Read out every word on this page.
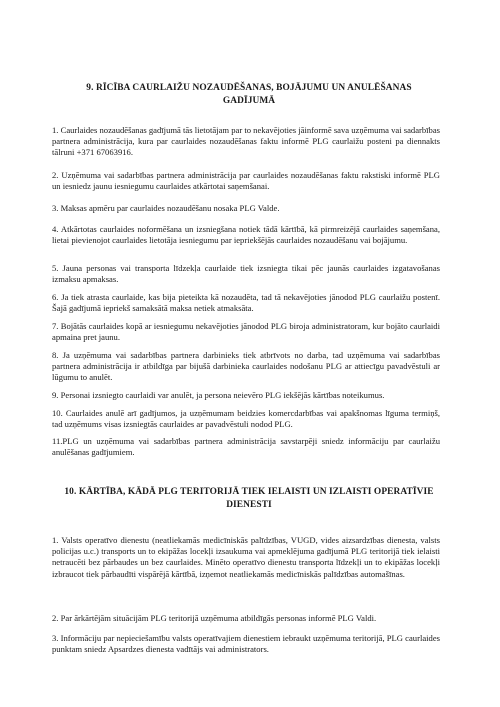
9. RĪCĪBA CAURLAIŽU NOZAUDĒŠANAS, BOJĀJUMU UN ANULĒŠANAS GADĪJUMĀ

1. Caurlaides nozaudēšanas gadījumā tās lietotājam par to nekavējoties jāinformē sava uzņēmuma vai sadarbības partnera administrācija, kura par caurlaides nozaudēšanas faktu informē PLG caurlaižu posteni pa diennakts tālruni +371 67063916.

2. Uzņēmuma vai sadarbības partnera administrācija par caurlaides nozaudēšanas faktu rakstiski informē PLG un iesniedz jaunu iesniegumu caurlaides atkārtotai saņemšanai.

3. Maksas apmēru par caurlaides nozaudēšanu nosaka PLG Valde.

4. Atkārtotas caurlaides noformēšana un izsniegšana notiek tādā kārtībā, kā pirmreizējā caurlaides saņemšana, lietai pievienojot caurlaides lietotāja iesniegumu par iepriekšējās caurlaides nozaudēšanu vai bojājumu.

5. Jauna personas vai transporta līdzekļa caurlaide tiek izsniegta tikai pēc jaunās caurlaides izgatavošanas izmaksu apmaksas.

6. Ja tiek atrasta caurlaide, kas bija pieteikta kā nozaudēta, tad tā nekavējoties jānodod PLG caurlaižu postenī. Šajā gadījumā iepriekš samaksātā maksa netiek atmaksāta.

7. Bojātās caurlaides kopā ar iesniegumu nekavējoties jānodod PLG biroja administratoram, kur bojāto caurlaidi apmaina pret jaunu.

8. Ja uzņēmuma vai sadarbības partnera darbinieks tiek atbrīvots no darba, tad uzņēmuma vai sadarbības partnera administrācija ir atbildīga par bijušā darbinieka caurlaides nodošanu PLG ar attiecīgu pavadvēstuli ar lūgumu to anulēt.

9. Personai izsniegto caurlaidi var anulēt, ja persona neievēro PLG iekšējās kārtības noteikumus.

10. Caurlaides anulē arī gadījumos, ja uzņēmumam beidzies komercdarbības vai apakšnomas līguma termiņš, tad uzņēmums visas izsniegtās caurlaides ar pavadvēstuli nodod PLG.

11.PLG un uzņēmuma vai sadarbības partnera administrācija savstarpēji sniedz informāciju par caurlaižu anulēšanas gadījumiem.

10. KĀRTĪBA, KĀDĀ PLG TERITORIJĀ TIEK IELAISTI UN IZLAISTI OPERATĪVIE DIENESTI

1. Valsts operatīvo dienestu (neatliekamās medicīniskās palīdzības, VUGD, vides aizsardzības dienesta, valsts policijas u.c.) transports un to ekipāžas locekļi izsaukuma vai apmeklējuma gadījumā PLG teritorijā tiek ielaisti netraucēti bez pārbaudes un bez caurlaides. Minēto operatīvo dienestu transporta līdzekļi un to ekipāžas locekļi izbraucot tiek pārbaudīti vispārējā kārtībā, izņemot neatliekamās medicīniskās palīdzības automašīnas.

2. Par ārkārtējām situācijām PLG teritorijā uzņēmuma atbildīgās personas informē PLG Valdi.

3. Informāciju par nepieciešamību valsts operatīvajiem dienestiem iebraukt uzņēmuma teritorijā, PLG caurlaides punktam sniedz Apsardzes dienesta vadītājs vai administrators.
